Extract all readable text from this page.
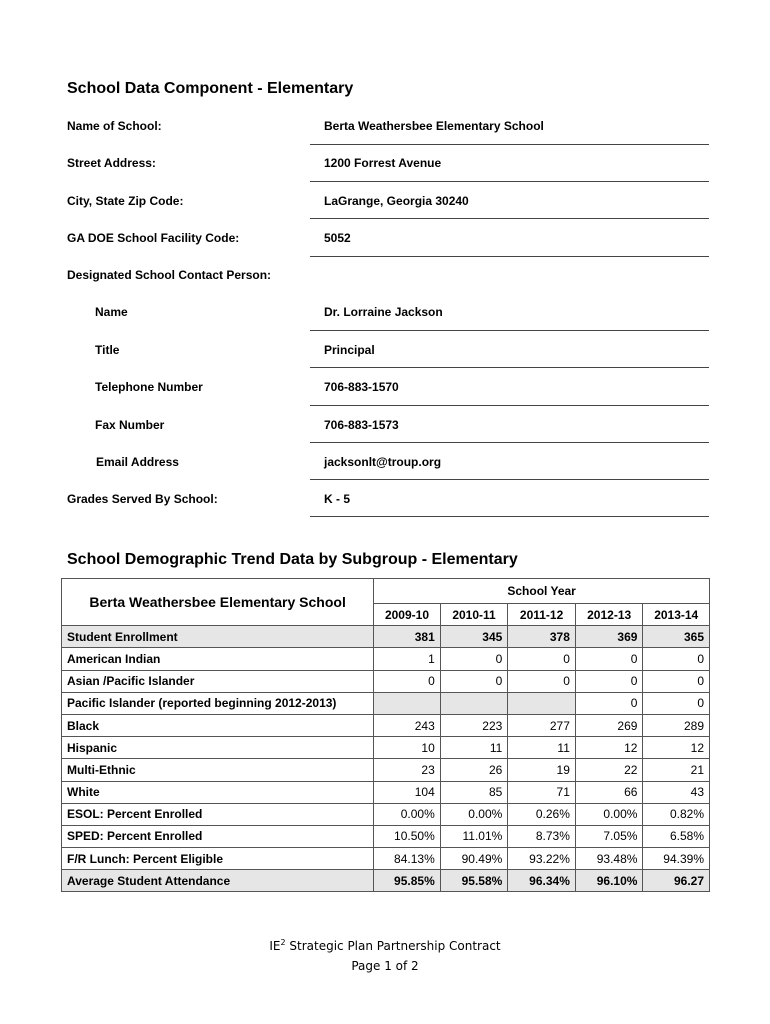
School Data Component - Elementary
Name of School:	Berta Weathersbee Elementary School
Street Address:	1200 Forrest Avenue
City, State Zip Code:	LaGrange, Georgia 30240
GA DOE School Facility Code:	5052
Designated School Contact Person:
Name	Dr. Lorraine Jackson
Title	Principal
Telephone Number	706-883-1570
Fax Number	706-883-1573
Email Address	jacksonlt@troup.org
Grades Served By School:	K - 5
School Demographic Trend Data by Subgroup - Elementary
Berta Weathersbee Elementary School	School Year				
	2009-10	2010-11	2011-12	2012-13	2013-14
Student Enrollment	381	345	378	369	365
American Indian	1	0	0	0	0
Asian /Pacific Islander	0	0	0	0	0
Pacific Islander (reported beginning 2012-2013)				0	0
Black	243	223	277	269	289
Hispanic	10	11	11	12	12
Multi-Ethnic	23	26	19	22	21
White	104	85	71	66	43
ESOL: Percent Enrolled	0.00%	0.00%	0.26%	0.00%	0.82%
SPED: Percent Enrolled	10.50%	11.01%	8.73%	7.05%	6.58%
F/R Lunch: Percent Eligible	84.13%	90.49%	93.22%	93.48%	94.39%
Average Student Attendance	95.85%	95.58%	96.34%	96.10%	96.27
$IE^2$ Strategic Plan Partnership Contract
Page 1 of 2
